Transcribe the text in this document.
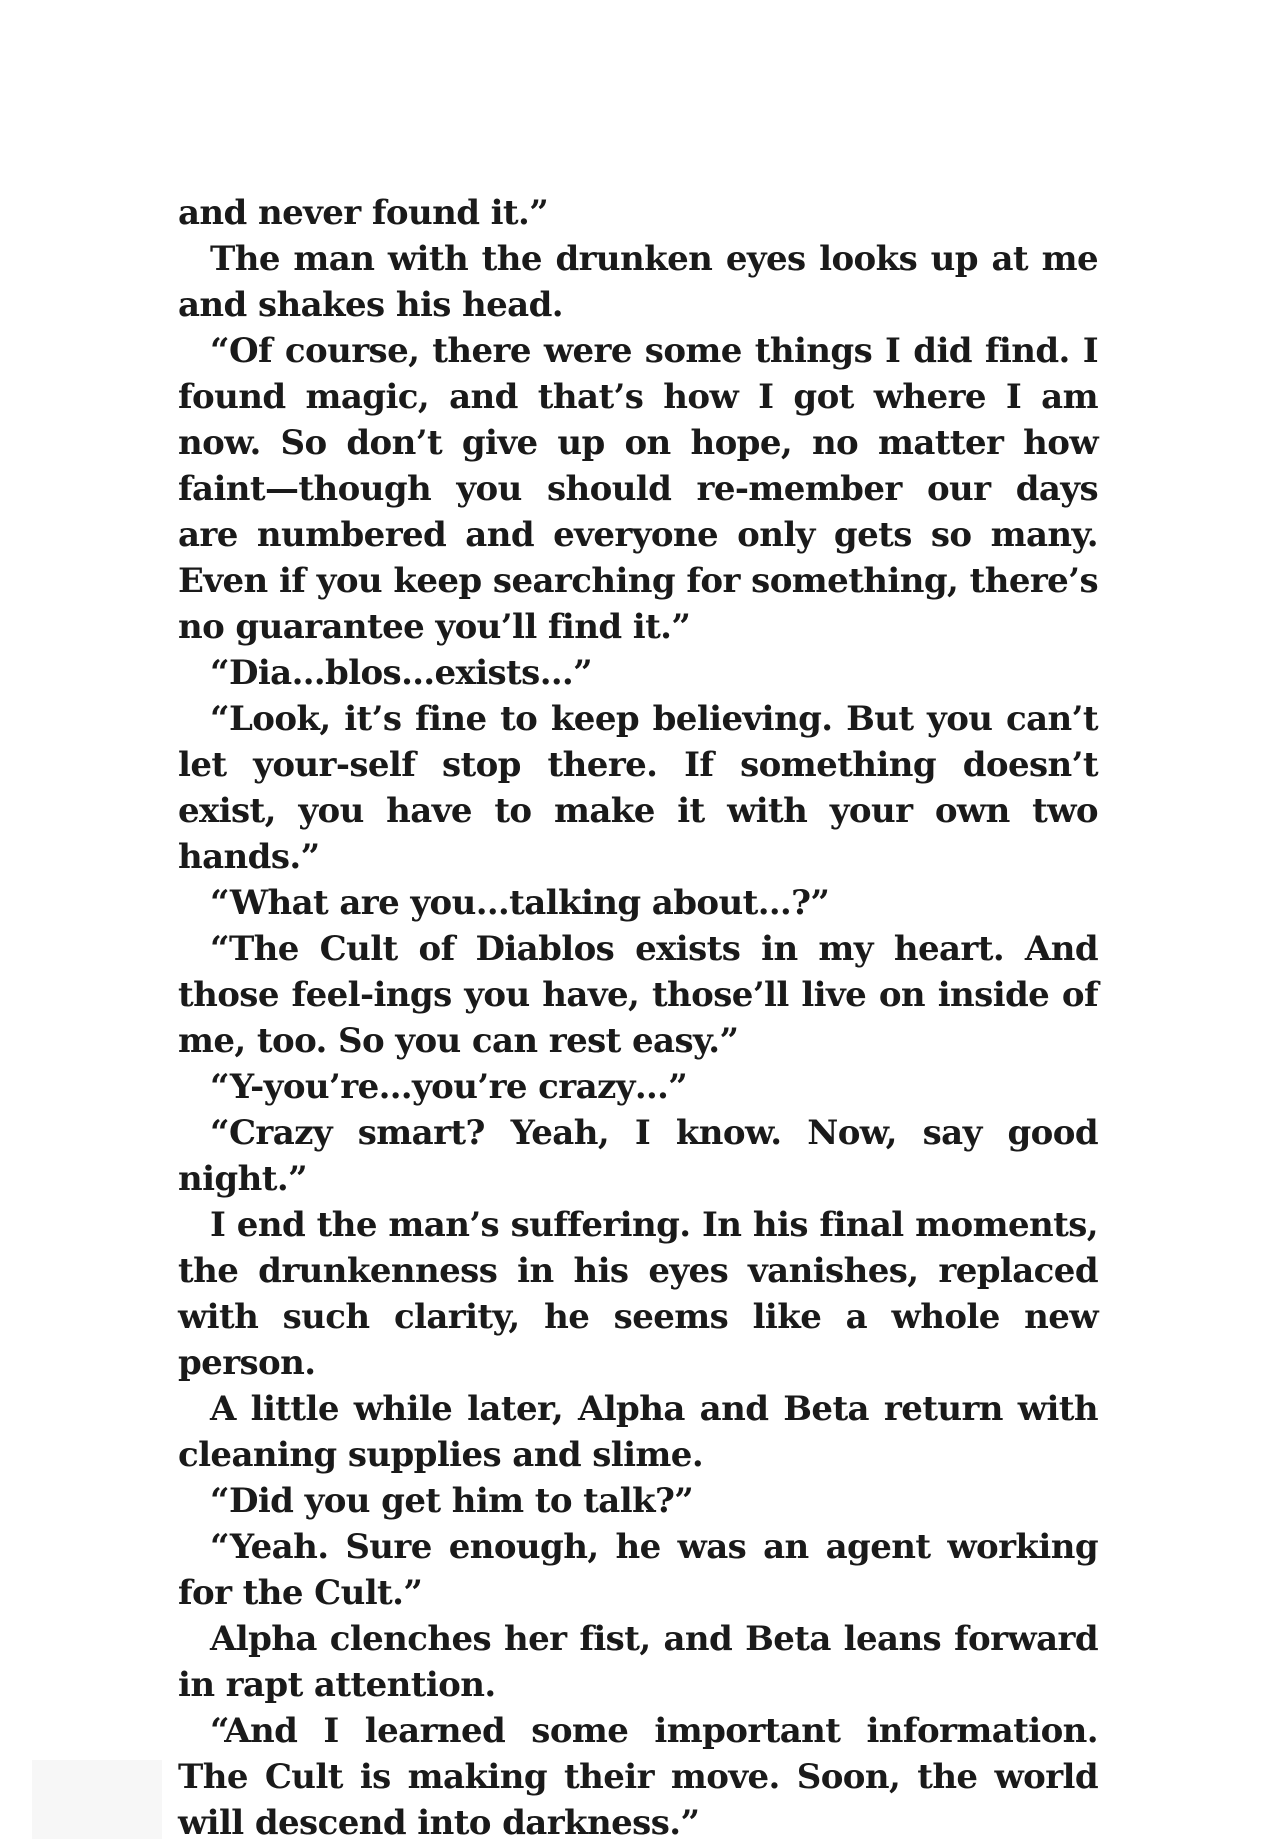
and never found it.”

The man with the drunken eyes looks up at me and shakes his head.

“Of course, there were some things I did find. I found magic, and that’s how I got where I am now. So don’t give up on hope, no matter how faint—though you should re-member our days are numbered and everyone only gets so many. Even if you keep searching for something, there’s no guarantee you’ll find it.”

“Dia…blos…exists…”

“Look, it’s fine to keep believing. But you can’t let your-self stop there. If something doesn’t exist, you have to make it with your own two hands.”

“What are you…talking about…?”

“The Cult of Diablos exists in my heart. And those feel-ings you have, those’ll live on inside of me, too. So you can rest easy.”

“Y-you’re…you’re crazy…”

“Crazy smart? Yeah, I know. Now, say good night.”

I end the man’s suffering. In his final moments, the drunkenness in his eyes vanishes, replaced with such clarity, he seems like a whole new person.

A little while later, Alpha and Beta return with cleaning supplies and slime.

“Did you get him to talk?”

“Yeah. Sure enough, he was an agent working for the Cult.”

Alpha clenches her fist, and Beta leans forward in rapt attention.

“And I learned some important information. The Cult is making their move. Soon, the world will descend into darkness.”
